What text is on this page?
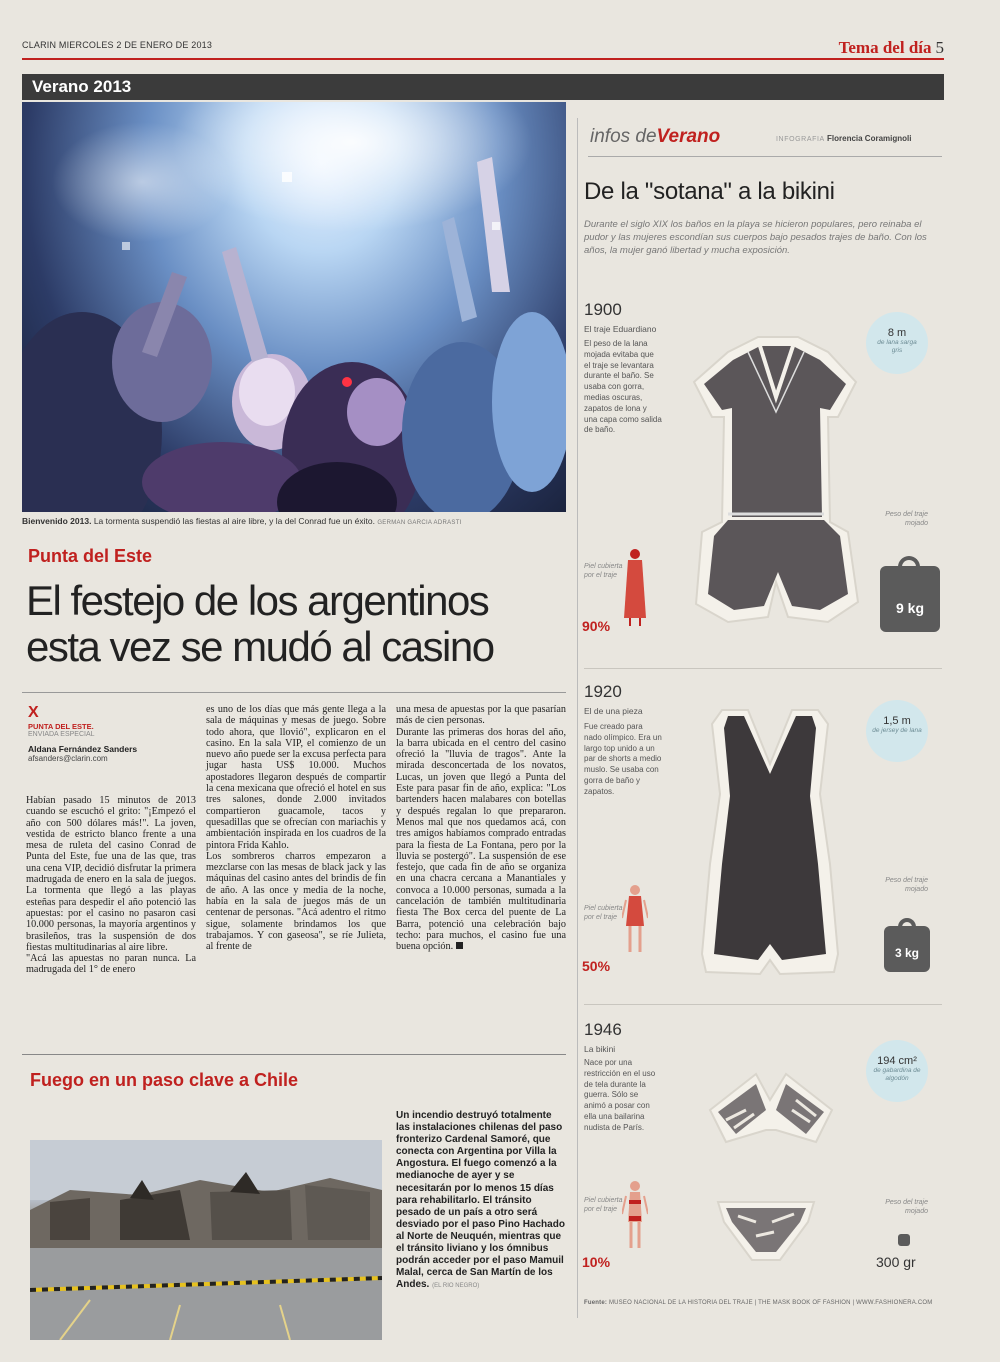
CLARIN MIERCOLES 2 DE ENERO DE 2013	Tema del día 5
Verano 2013
Bienvenido 2013. La tormenta suspendió las fiestas al aire libre, y la del Conrad fue un éxito. GERMAN GARCIA ADRASTI
Punta del Este
El festejo de los argentinos
esta vez se mudó al casino
X
PUNTA DEL ESTE.
ENVIADA ESPECIAL
Aldana Fernández Sanders
afsanders@clarin.com
Habían pasado 15 minutos de 2013 cuando se escuchó el grito: "¡Empezó el año con 500 dólares más!". La joven, vestida de estricto blanco frente a una mesa de ruleta del casino Conrad de Punta del Este, fue una de las que, tras una cena VIP, decidió disfrutar la primera madrugada de enero en la sala de juegos. La tormenta que llegó a las playas esteñas para despedir el año potenció las apuestas: por el casino no pasaron casi 10.000 personas, la mayoría argentinos y brasileños, tras la suspensión de dos fiestas multitudinarias al aire libre.
"Acá las apuestas no paran nunca. La madrugada del 1° de enero
es uno de los días que más gente llega a la sala de máquinas y mesas de juego. Sobre todo ahora, que llovió", explicaron en el casino. En la sala VIP, el comienzo de un nuevo año puede ser la excusa perfecta para jugar hasta US$ 10.000. Muchos apostadores llegaron después de compartir la cena mexicana que ofreció el hotel en sus tres salones, donde 2.000 invitados compartieron guacamole, tacos y quesadillas que se ofrecían con mariachis y ambientación inspirada en los cuadros de la pintora Frida Kahlo.
Los sombreros charros empezaron a mezclarse con las mesas de black jack y las máquinas del casino antes del brindis de fin de año. A las once y media de la noche, había en la sala de juegos más de un centenar de personas. "Acá adentro el ritmo sigue, solamente brindamos los que trabajamos. Y con gaseosa", se ríe Julieta, al frente de
una mesa de apuestas por la que pasarían más de cien personas.
Durante las primeras dos horas del año, la barra ubicada en el centro del casino ofreció la "lluvia de tragos". Ante la mirada desconcertada de los novatos, Lucas, un joven que llegó a Punta del Este para pasar fin de año, explica: "Los bartenders hacen malabares con botellas y después regalan lo que prepararon. Menos mal que nos quedamos acá, con tres amigos habíamos comprado entradas para la fiesta de La Fontana, pero por la lluvia se postergó". La suspensión de ese festejo, que cada fin de año se organiza en una chacra cercana a Manantiales y convoca a 10.000 personas, sumada a la cancelación de también multitudinaria fiesta The Box cerca del puente de La Barra, potenció una celebración bajo techo: para muchos, el casino fue una buena opción.
Fuego en un paso clave a Chile
Un incendio destruyó totalmente las instalaciones chilenas del paso fronterizo Cardenal Samoré, que conecta con Argentina por Villa la Angostura. El fuego comenzó a la medianoche de ayer y se necesitarán por lo menos 15 días para rehabilitarlo. El tránsito pesado de un país a otro será desviado por el paso Pino Hachado al Norte de Neuquén, mientras que el tránsito liviano y los ómnibus podrán acceder por el paso Mamuil Malal, cerca de San Martín de los Andes. (EL RIO NEGRO)
infos deVerano	INFOGRAFIA Florencia Coramignoli
De la "sotana" a la bikini
Durante el siglo XIX los baños en la playa se hicieron populares, pero reinaba el pudor y las mujeres escondían sus cuerpos bajo pesados trajes de baño. Con los años, la mujer ganó libertad y mucha exposición.
1900
El traje Eduardiano
El peso de la lana mojada evitaba que el traje se levantara durante el baño. Se usaba con gorra, medias oscuras, zapatos de lona y una capa como salida de baño.
8 m
de lana sarga gris
Piel cubierta por el traje
90%
Peso del traje mojado
9 kg
1920
El de una pieza
Fue creado para nado olímpico. Era un largo top unido a un par de shorts a medio muslo. Se usaba con gorra de baño y zapatos.
1,5 m
de jersey de lana
Piel cubierta por el traje
50%
Peso del traje mojado
3 kg
1946
La bikini
Nace por una restricción en el uso de tela durante la guerra. Sólo se animó a posar con ella una bailarina nudista de París.
194 cm²
de gabardina de algodón
Piel cubierta por el traje
10%
Peso del traje mojado
300 gr
Fuente: MUSEO NACIONAL DE LA HISTORIA DEL TRAJE | THE MASK BOOK OF FASHION | WWW.FASHIONERA.COM
